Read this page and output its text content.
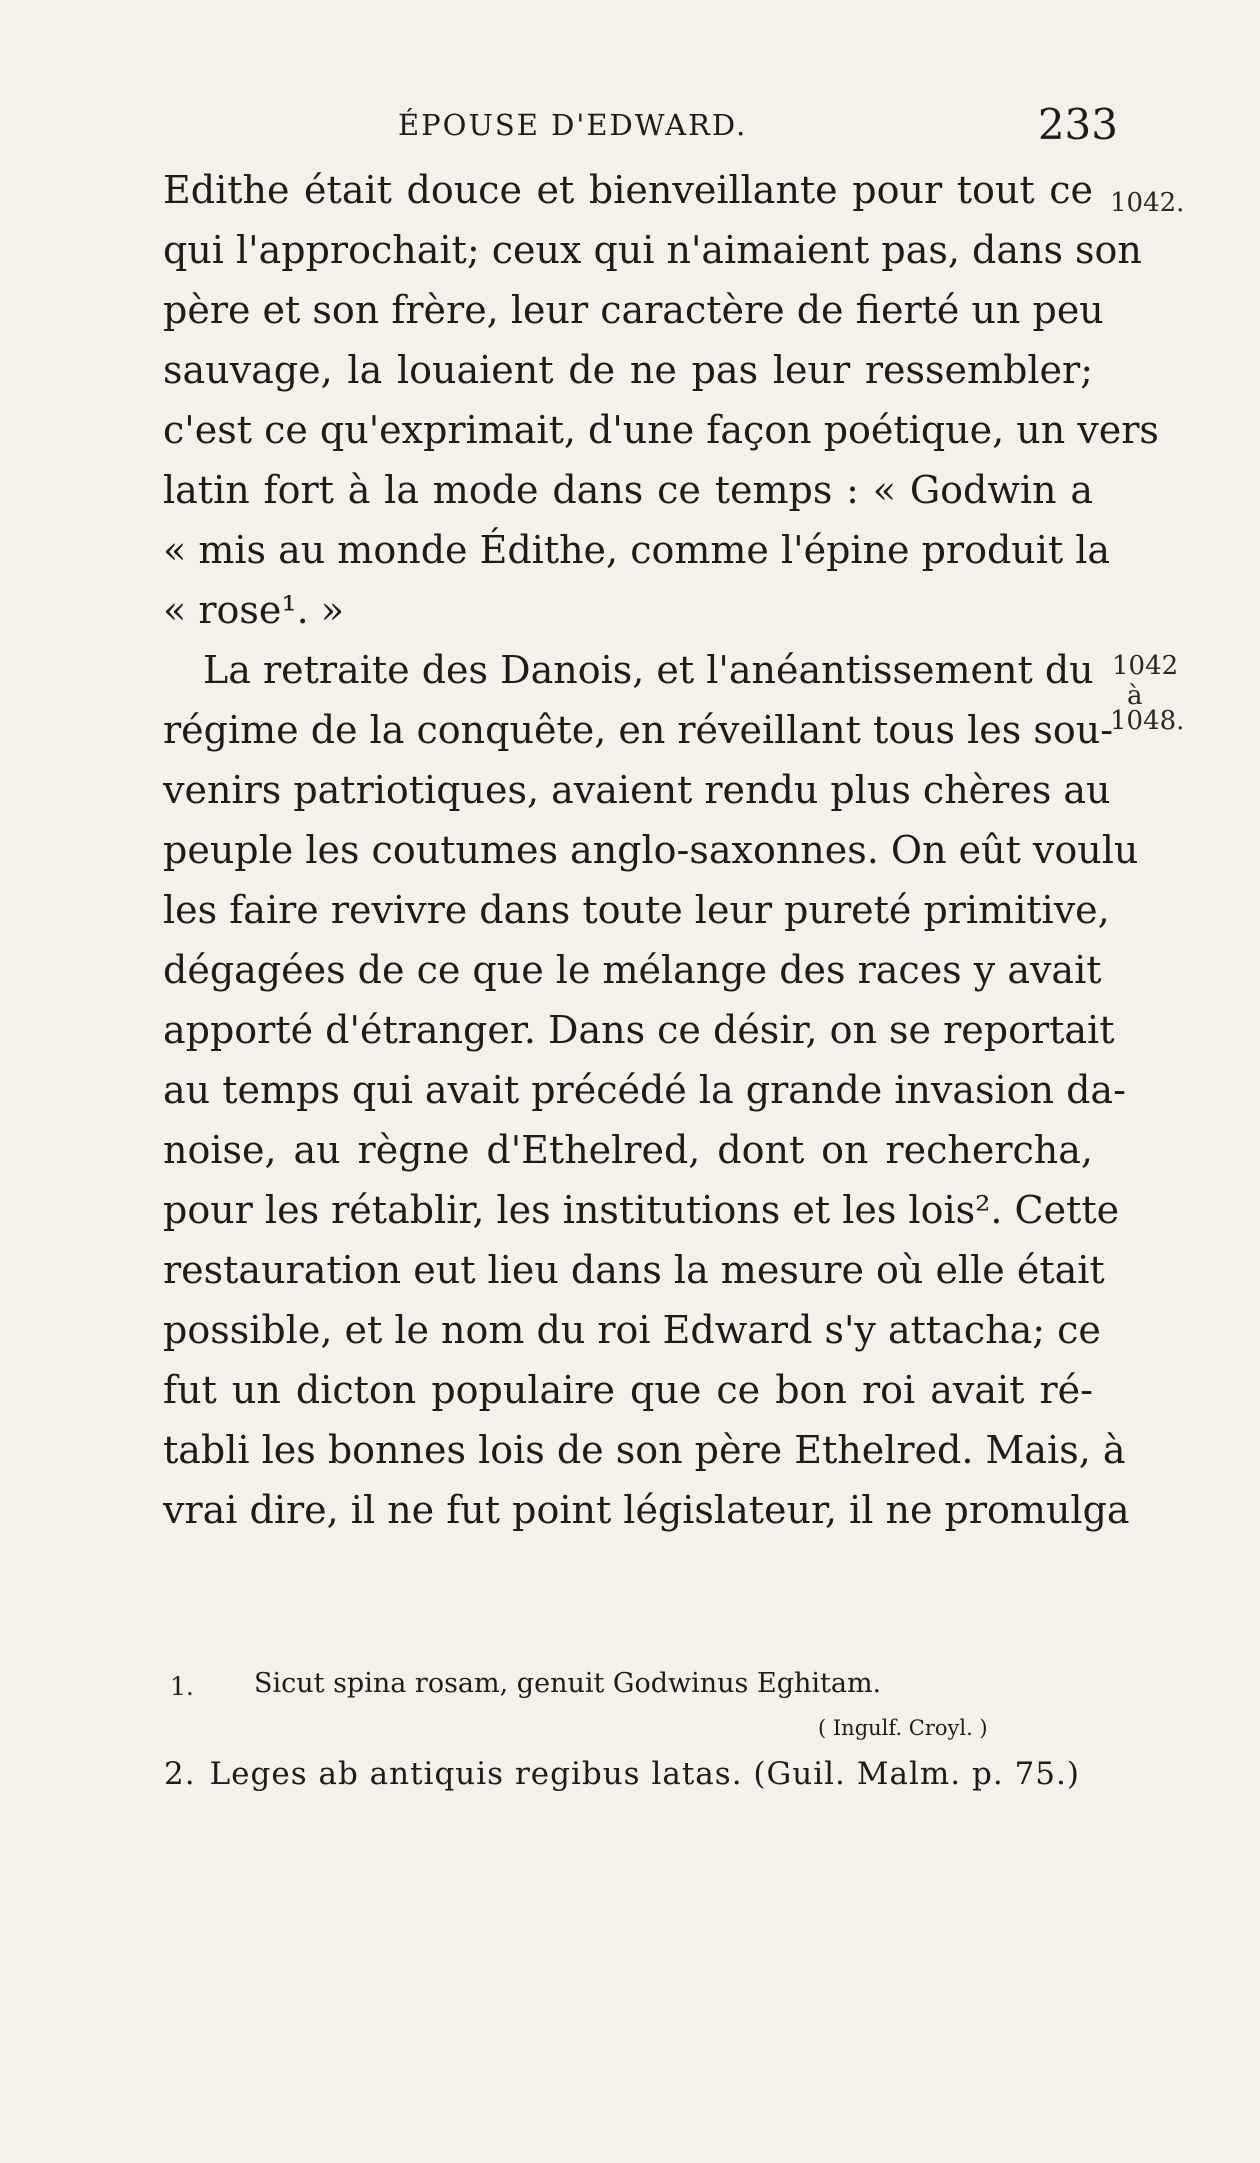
ÉPOUSE D'EDWARD.	233
Edithe était douce et bienveillante pour tout ce
qui l'approchait; ceux qui n'aimaient pas, dans son
père et son frère, leur caractère de fierté un peu
sauvage, la louaient de ne pas leur ressembler;
c'est ce qu'exprimait, d'une façon poétique, un vers
latin fort à la mode dans ce temps : « Godwin a
« mis au monde Édithe, comme l'épine produit la
« rose¹. »
La retraite des Danois, et l'anéantissement du
régime de la conquête, en réveillant tous les sou-
venirs patriotiques, avaient rendu plus chères au
peuple les coutumes anglo-saxonnes. On eût voulu
les faire revivre dans toute leur pureté primitive,
dégagées de ce que le mélange des races y avait
apporté d'étranger. Dans ce désir, on se reportait
au temps qui avait précédé la grande invasion da-
noise, au règne d'Ethelred, dont on rechercha,
pour les rétablir, les institutions et les lois². Cette
restauration eut lieu dans la mesure où elle était
possible, et le nom du roi Edward s'y attacha; ce
fut un dicton populaire que ce bon roi avait ré-
tabli les bonnes lois de son père Ethelred. Mais, à
vrai dire, il ne fut point législateur, il ne promulga
1042.
1042
à
1048.
1. Sicut spina rosam, genuit Godwinus Eghitam.
( Ingulf. Croyl. )
2. Leges ab antiquis regibus latas. (Guil. Malm. p. 75.)
